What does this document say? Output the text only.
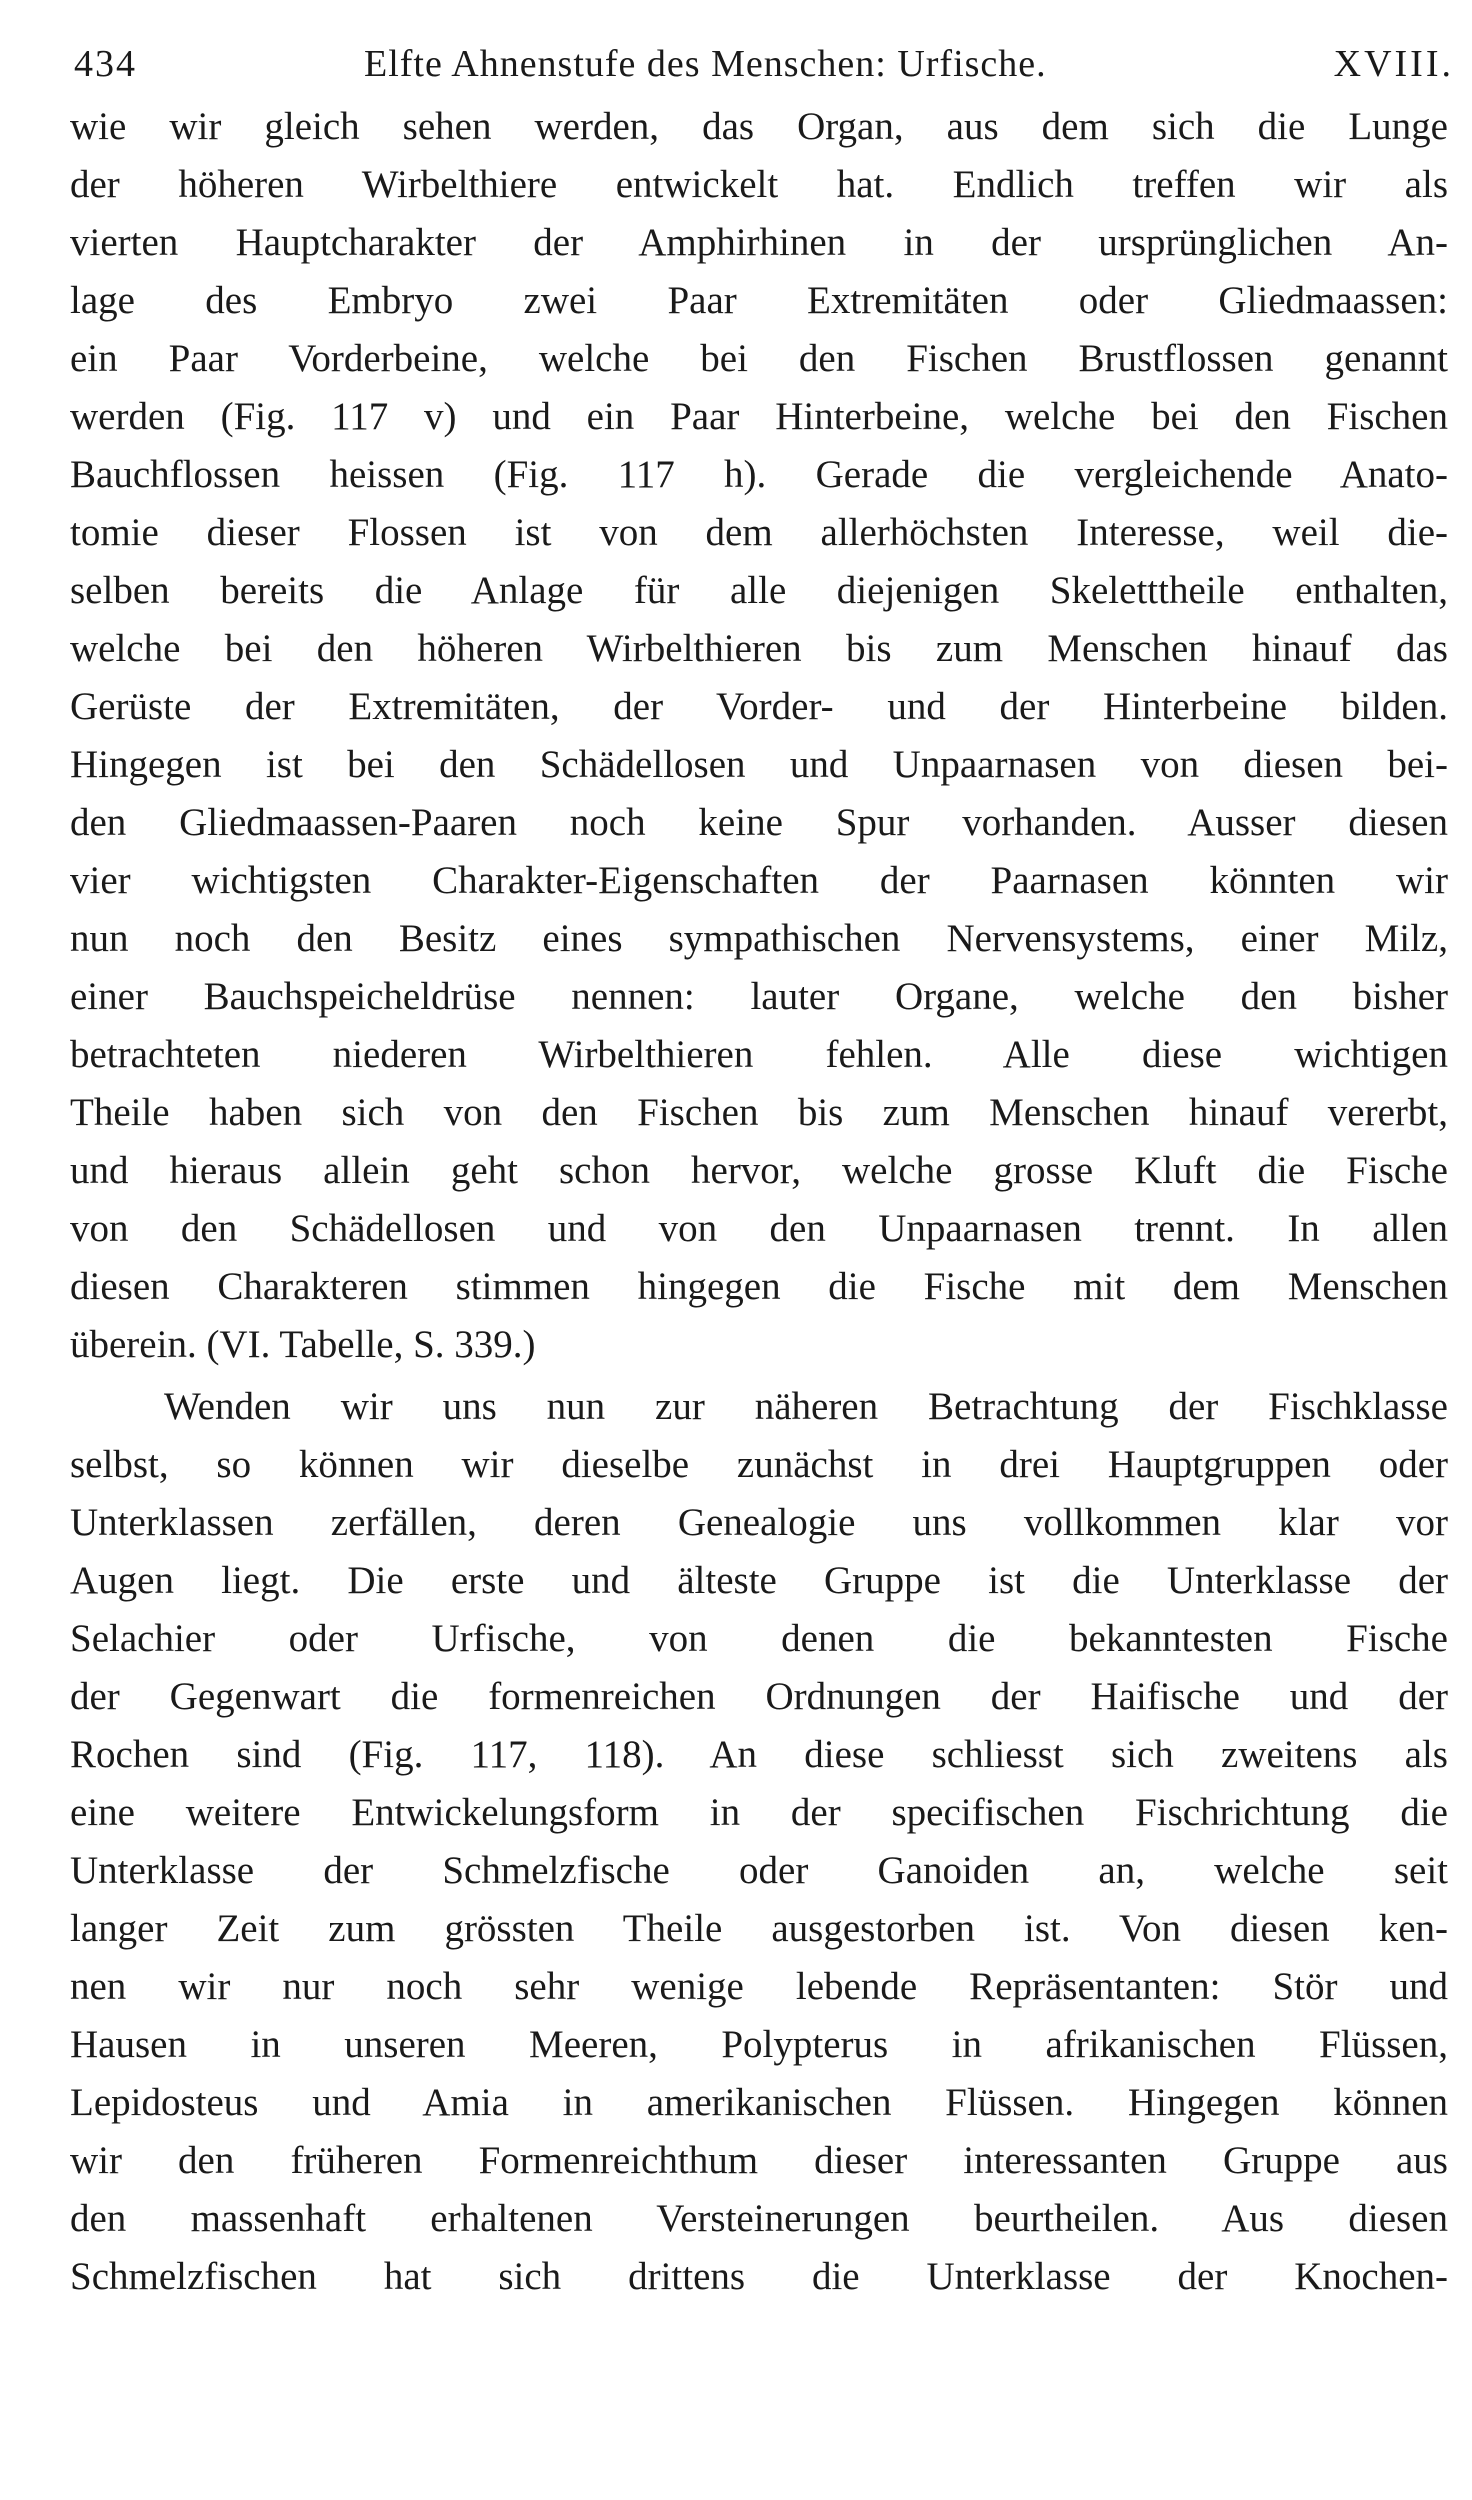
434	Elfte Ahnenstufe des Menschen: Urfische.	XVIII.
wie wir gleich sehen werden, das Organ, aus dem sich die Lunge
der höheren Wirbelthiere entwickelt hat. Endlich treffen wir als
vierten Hauptcharakter der Amphirhinen in der ursprünglichen An-
lage des Embryo zwei Paar Extremitäten oder Gliedmaassen:
ein Paar Vorderbeine, welche bei den Fischen Brustflossen genannt
werden (Fig. 117 v) und ein Paar Hinterbeine, welche bei den Fischen
Bauchflossen heissen (Fig. 117 h). Gerade die vergleichende Anato-
tomie dieser Flossen ist von dem allerhöchsten Interesse, weil die-
selben bereits die Anlage für alle diejenigen Skeletttheile enthalten,
welche bei den höheren Wirbelthieren bis zum Menschen hinauf das
Gerüste der Extremitäten, der Vorder- und der Hinterbeine bilden.
Hingegen ist bei den Schädellosen und Unpaarnasen von diesen bei-
den Gliedmaassen-Paaren noch keine Spur vorhanden. Ausser diesen
vier wichtigsten Charakter-Eigenschaften der Paarnasen könnten wir
nun noch den Besitz eines sympathischen Nervensystems, einer Milz,
einer Bauchspeicheldrüse nennen: lauter Organe, welche den bisher
betrachteten niederen Wirbelthieren fehlen. Alle diese wichtigen
Theile haben sich von den Fischen bis zum Menschen hinauf vererbt,
und hieraus allein geht schon hervor, welche grosse Kluft die Fische
von den Schädellosen und von den Unpaarnasen trennt. In allen
diesen Charakteren stimmen hingegen die Fische mit dem Menschen
überein. (VI. Tabelle, S. 339.)
Wenden wir uns nun zur näheren Betrachtung der Fischklasse
selbst, so können wir dieselbe zunächst in drei Hauptgruppen oder
Unterklassen zerfällen, deren Genealogie uns vollkommen klar vor
Augen liegt. Die erste und älteste Gruppe ist die Unterklasse der
Selachier oder Urfische, von denen die bekanntesten Fische
der Gegenwart die formenreichen Ordnungen der Haifische und der
Rochen sind (Fig. 117, 118). An diese schliesst sich zweitens als
eine weitere Entwickelungsform in der specifischen Fischrichtung die
Unterklasse der Schmelzfische oder Ganoiden an, welche seit
langer Zeit zum grössten Theile ausgestorben ist. Von diesen ken-
nen wir nur noch sehr wenige lebende Repräsentanten: Stör und
Hausen in unseren Meeren, Polypterus in afrikanischen Flüssen,
Lepidosteus und Amia in amerikanischen Flüssen. Hingegen können
wir den früheren Formenreichthum dieser interessanten Gruppe aus
den massenhaft erhaltenen Versteinerungen beurtheilen. Aus diesen
Schmelzfischen hat sich drittens die Unterklasse der Knochen-
